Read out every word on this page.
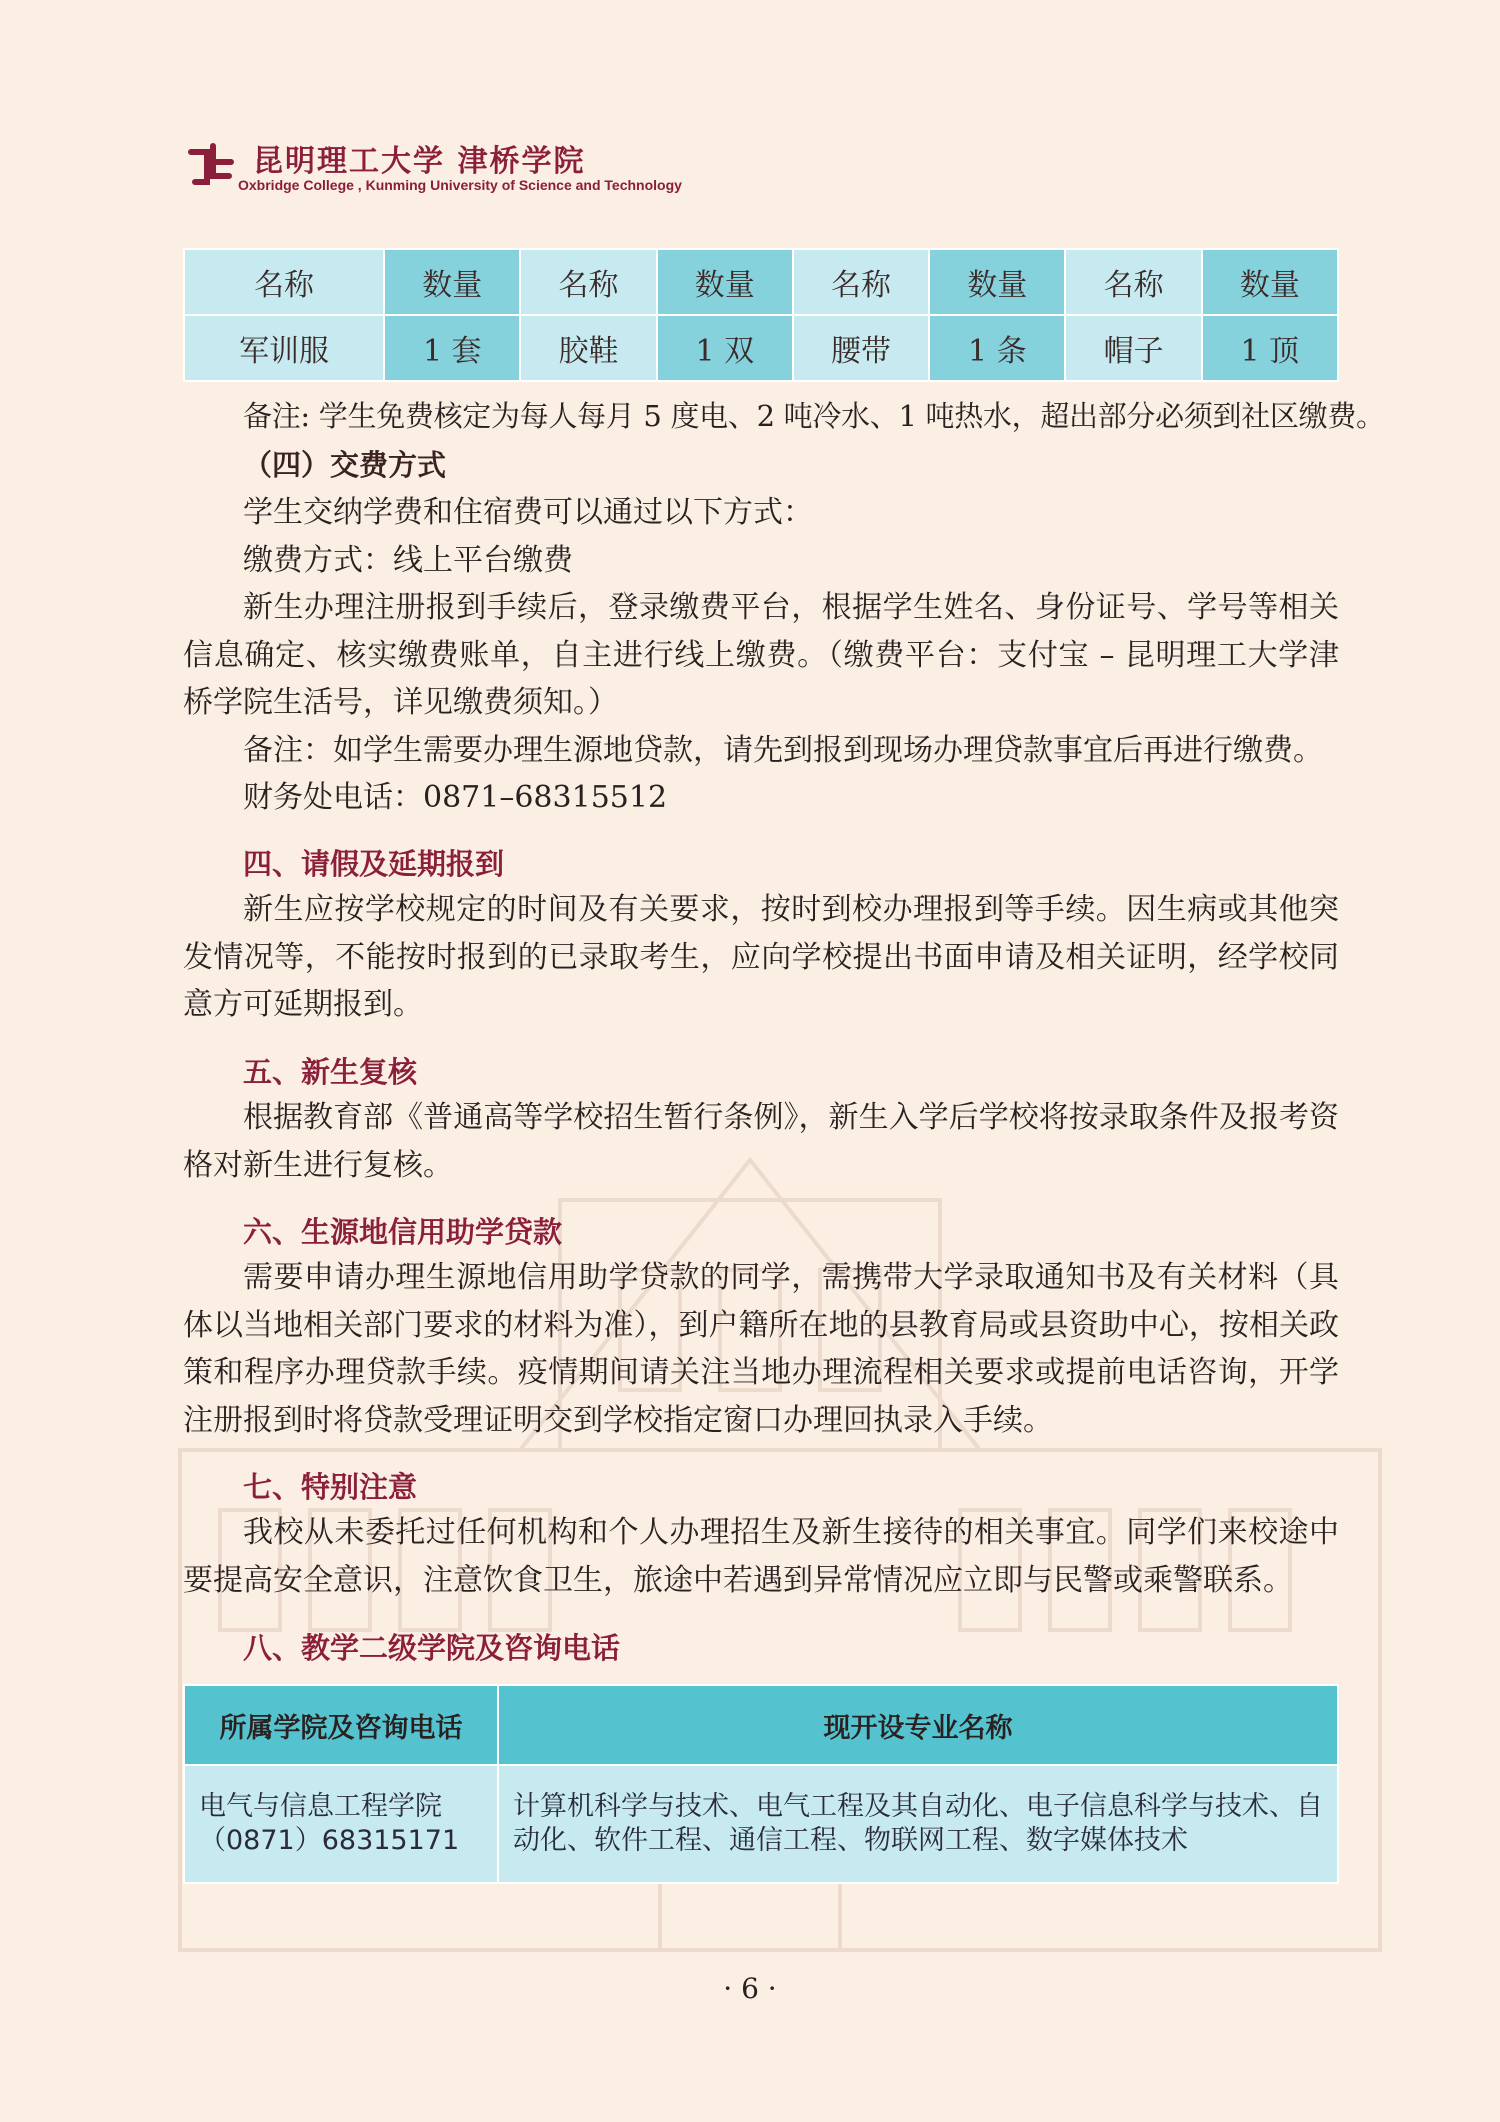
昆明理工大学 津桥学院
Oxbridge College , Kunming University of Science and Technology
名称	数量	名称	数量	名称	数量	名称	数量
军训服	1 套	胶鞋	1 双	腰带	1 条	帽子	1 顶

备注: 学生免费核定为每人每月 5 度电、2 吨冷水、1 吨热水，超出部分必须到社区缴费。

（四）交费方式

学生交纳学费和住宿费可以通过以下方式：

缴费方式：线上平台缴费

新生办理注册报到手续后，登录缴费平台，根据学生姓名、身份证号、学号等相关信息确定、核实缴费账单，自主进行线上缴费。（缴费平台：支付宝 – 昆明理工大学津桥学院生活号，详见缴费须知。）

备注：如学生需要办理生源地贷款，请先到报到现场办理贷款事宜后再进行缴费。

财务处电话：0871–68315512

四、请假及延期报到

新生应按学校规定的时间及有关要求，按时到校办理报到等手续。因生病或其他突发情况等，不能按时报到的已录取考生，应向学校提出书面申请及相关证明，经学校同意方可延期报到。

五、新生复核

根据教育部《普通高等学校招生暂行条例》，新生入学后学校将按录取条件及报考资格对新生进行复核。

六、生源地信用助学贷款

需要申请办理生源地信用助学贷款的同学，需携带大学录取通知书及有关材料（具体以当地相关部门要求的材料为准），到户籍所在地的县教育局或县资助中心，按相关政策和程序办理贷款手续。疫情期间请关注当地办理流程相关要求或提前电话咨询，开学注册报到时将贷款受理证明交到学校指定窗口办理回执录入手续。

七、特别注意

我校从未委托过任何机构和个人办理招生及新生接待的相关事宜。同学们来校途中要提高安全意识，注意饮食卫生，旅途中若遇到异常情况应立即与民警或乘警联系。

八、教学二级学院及咨询电话
所属学院及咨询电话	现开设专业名称

电气与信息工程学院
（0871）68315171	计算机科学与技术、电气工程及其自动化、电子信息科学与技术、自动化、软件工程、通信工程、物联网工程、数字媒体技术
· 6 ·
